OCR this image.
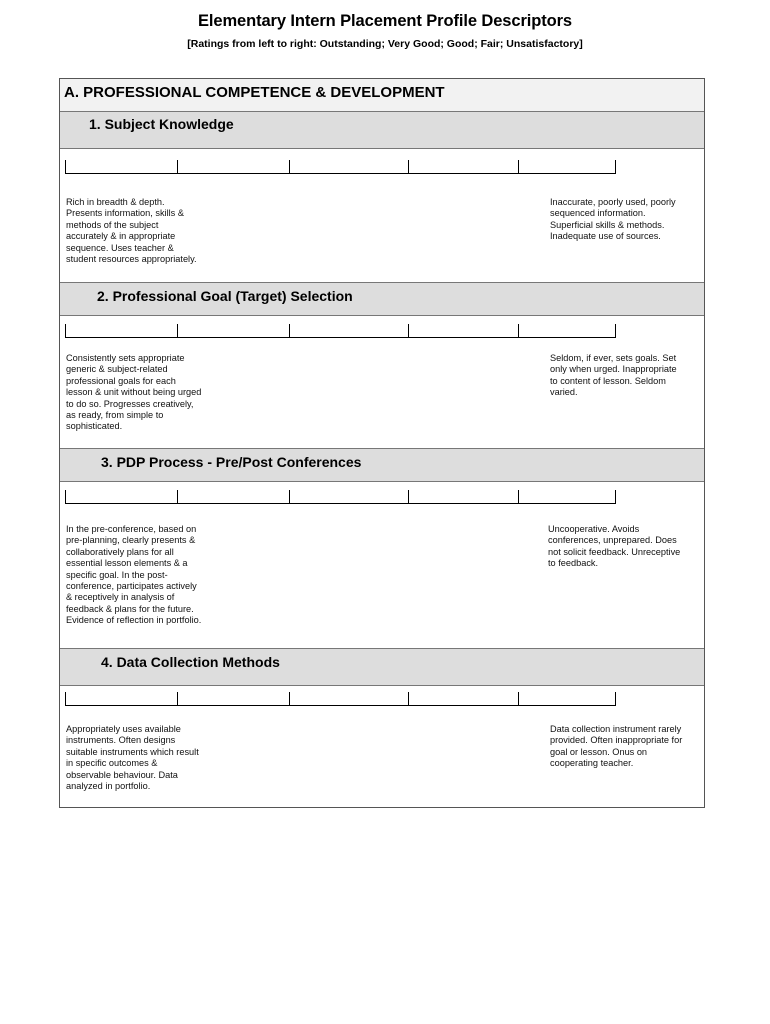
Elementary Intern Placement Profile Descriptors
[Ratings from left to right: Outstanding; Very Good; Good; Fair; Unsatisfactory]
A. PROFESSIONAL COMPETENCE & DEVELOPMENT
1. Subject Knowledge
Rich in breadth & depth.
Presents information, skills &
methods of the subject
accurately & in appropriate
sequence. Uses teacher &
student resources appropriately.
Inaccurate, poorly used, poorly
sequenced information.
Superficial skills & methods.
Inadequate use of sources.
2. Professional Goal (Target) Selection
Consistently sets appropriate
generic & subject-related
professional goals for each
lesson & unit without being urged
to do so. Progresses creatively,
as ready, from simple to
sophisticated.
Seldom, if ever, sets goals. Set
only when urged. Inappropriate
to content of lesson. Seldom
varied.
3. PDP Process - Pre/Post Conferences
In the pre-conference, based on
pre-planning, clearly presents &
collaboratively plans for all
essential lesson elements & a
specific goal. In the post-
conference, participates actively
& receptively in analysis of
feedback & plans for the future.
Evidence of reflection in portfolio.
Uncooperative. Avoids
conferences, unprepared. Does
not solicit feedback. Unreceptive
to feedback.
4. Data Collection Methods
Appropriately uses available
instruments. Often designs
suitable instruments which result
in specific outcomes &
observable behaviour. Data
analyzed in portfolio.
Data collection instrument rarely
provided. Often inappropriate for
goal or lesson. Onus on
cooperating teacher.
